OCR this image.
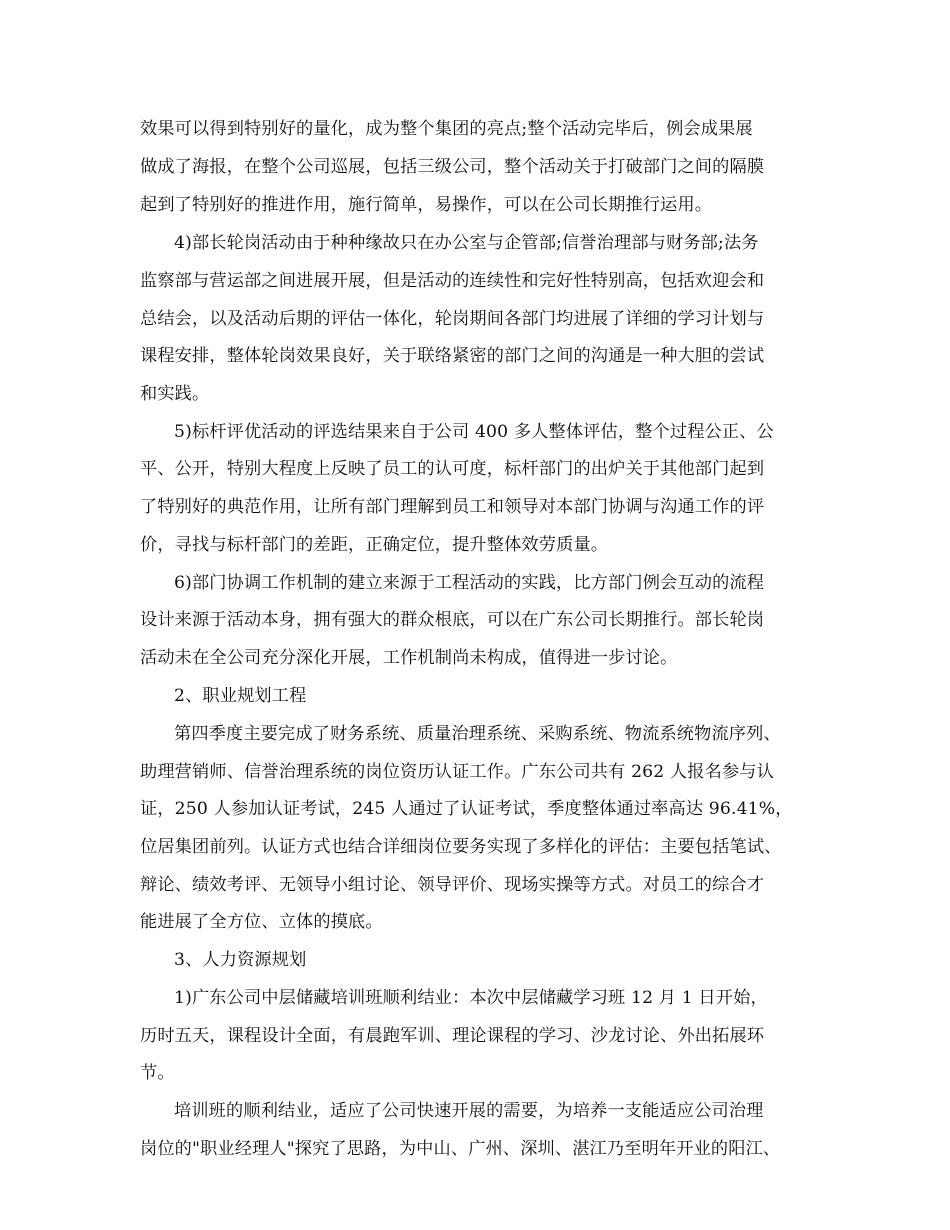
效果可以得到特别好的量化，成为整个集团的亮点;整个活动完毕后，例会成果展
做成了海报，在整个公司巡展，包括三级公司，整个活动关于打破部门之间的隔膜
起到了特别好的推进作用，施行简单，易操作，可以在公司长期推行运用。
4)部长轮岗活动由于种种缘故只在办公室与企管部;信誉治理部与财务部;法务
监察部与营运部之间进展开展，但是活动的连续性和完好性特别高，包括欢迎会和
总结会，以及活动后期的评估一体化，轮岗期间各部门均进展了详细的学习计划与
课程安排，整体轮岗效果良好，关于联络紧密的部门之间的沟通是一种大胆的尝试
和实践。
5)标杆评优活动的评选结果来自于公司 400 多人整体评估，整个过程公正、公
平、公开，特别大程度上反映了员工的认可度，标杆部门的出炉关于其他部门起到
了特别好的典范作用，让所有部门理解到员工和领导对本部门协调与沟通工作的评
价，寻找与标杆部门的差距，正确定位，提升整体效劳质量。
6)部门协调工作机制的建立来源于工程活动的实践，比方部门例会互动的流程
设计来源于活动本身，拥有强大的群众根底，可以在广东公司长期推行。部长轮岗
活动未在全公司充分深化开展，工作机制尚未构成，值得进一步讨论。
2、职业规划工程
第四季度主要完成了财务系统、质量治理系统、采购系统、物流系统物流序列、
助理营销师、信誉治理系统的岗位资历认证工作。广东公司共有 262 人报名参与认
证，250 人参加认证考试，245 人通过了认证考试，季度整体通过率高达 96.41%，
位居集团前列。认证方式也结合详细岗位要务实现了多样化的评估：主要包括笔试、
辩论、绩效考评、无领导小组讨论、领导评价、现场实操等方式。对员工的综合才
能进展了全方位、立体的摸底。
3、人力资源规划
1)广东公司中层储藏培训班顺利结业：本次中层储藏学习班 12 月 1 日开始，
历时五天，课程设计全面，有晨跑军训、理论课程的学习、沙龙讨论、外出拓展环
节。
培训班的顺利结业，适应了公司快速开展的需要，为培养一支能适应公司治理
岗位的"职业经理人"探究了思路，为中山、广州、深圳、湛江乃至明年开业的阳江、
